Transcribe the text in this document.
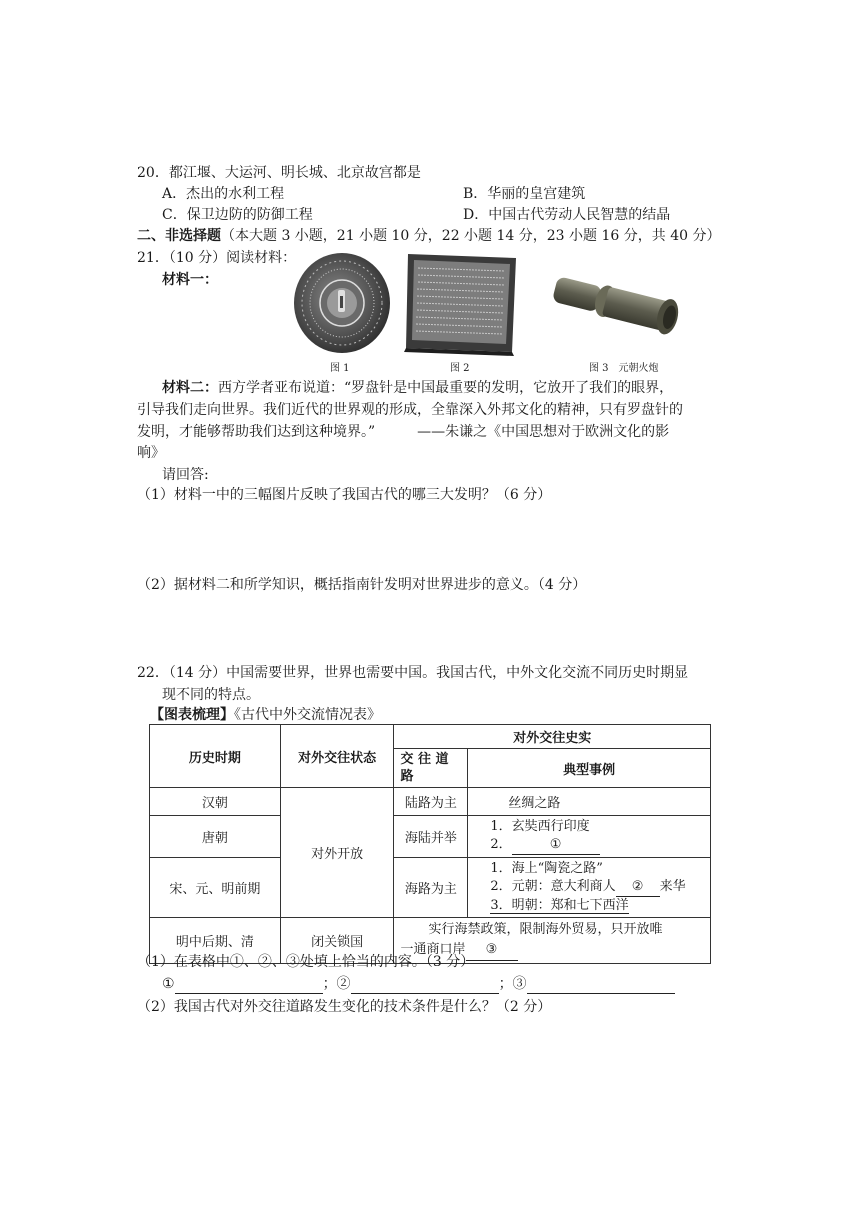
20．都江堰、大运河、明长城、北京故宫都是
A．杰出的水利工程	B．华丽的皇宫建筑
C．保卫边防的防御工程	D．中国古代劳动人民智慧的结晶
二、非选择题（本大题 3 小题，21 小题 10 分，22 小题 14 分，23 小题 16 分，共 40 分）
21．（10 分）阅读材料：
材料一：
图 1	图 2	图 3　元朝火炮
材料二：西方学者亚布说道：“罗盘针是中国最重要的发明，它放开了我们的眼界，
引导我们走向世界。我们近代的世界观的形成，全靠深入外邦文化的精神，只有罗盘针的
发明，才能够帮助我们达到这种境界。”　　　——朱谦之《中国思想对于欧洲文化的影
响》
请回答:
（1）材料一中的三幅图片反映了我国古代的哪三大发明？（6 分）
（2）据材料二和所学知识，概括指南针发明对世界进步的意义。（4 分）
22．（14 分）中国需要世界，世界也需要中国。我国古代，中外文化交流不同历史时期显
现不同的特点。
【图表梳理】《古代中外交流情况表》
历史时期	对外交往状态	对外交往史实	
		交 往 道 路	典型事例
汉朝	对外开放	陆路为主	丝绸之路
唐朝		海陆并举	1．玄奘西行印度
2． ①

宋、元、明前期		海路为主	1．海上“陶瓷之路”
2．元朝：意大利商人 ② 来华
3．明朝：郑和七下西洋

明中后期、清	闭关锁国	实行海禁政策，限制海外贸易，只开放唯
一通商口岸 ③	
（1）在表格中①、②、③处填上恰当的内容。（3 分）
①	；②	；③
（2）我国古代对外交往道路发生变化的技术条件是什么？（2 分）
